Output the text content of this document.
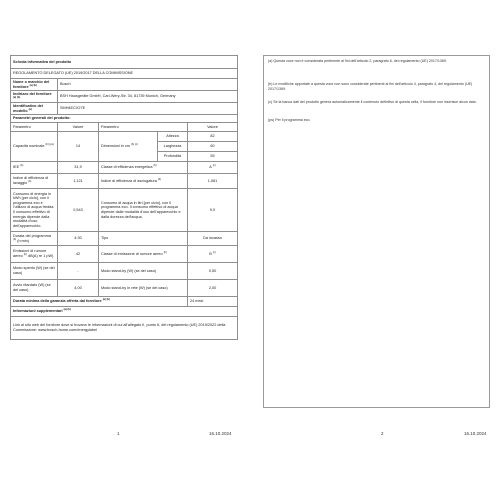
Scheda informativa del prodotto				
REGOLAMENTO DELEGATO (UE) 2019/2017 DELLA COMMISSIONE				
Nome o marchio del fornitore $^{(a) (b)}$	Bosch			
Indirizzo del fornitore $^{(a) (b)}$	BSH Hausgeräte GmbH, Carl-Wery-Str. 34, 81739 Munich, Germany			
Identificativo del modello $^{(a)}$	SMH4ECX27E			
Parametri generali del prodotto:				
Parametro	Valore	Parametro		Valore
Capacità nominale $^{(b) (ps)}$	14	Dimensioni in cm $^{(b) (c)}$	Altezza	82
			Larghezza	60
			Profondità	55
IEE $^{(b)}$	31,9	Classe di efficienza energetica $^{(b)}$		A $^{(c)}$
Indice di efficienza di lavaggio $^{(b)}$	1,121	Indice di efficienza di asciugatura $^{(b)}$		1,081
Consumo di energia in kWh [per ciclo], con il programma eco e l'utilizzo di acqua fredda. Il consumo effettivo di energia dipende dalla modalità d'uso dell'apparecchio.	0,543	Consumo di acqua in litri [per ciclo], con il programma eco. Il consumo effettivo di acqua dipende dalle modalità d'uso dell'apparecchio e dalla durezza dell'acqua.		9,0
Durata del programma $^{(b)}$ (h:min)	4:30	Tipo		Da incasso
Emissioni di rumore aereo $^{(b)}$ dB(A) re 1 pW)	42	Classe di emissione di rumore aereo $^{(b)}$		B $^{(c)}$
Modo spento (W) (se del caso)	-	Modo stand-by (W) (se del caso)		0,50
Avvio ritardato (W) (se del caso)	4,00	Modo stand-by in rete (W) (se del caso)		2,00
Durata minima della garanzia offerta dal fornitore $^{(a) (b)}$				24 mesi
Informazioni supplementari $^{(a) (b)}$
Link al sito web del fornitore dove si trovano le informazioni di cui all'allegato II, punto 6, del regolamento (UE) 2019/2022 della Commissione: www.bosch-home.com/energylabel				
(a) Questa voce non è considerata pertinente ai fini dell'articolo 2, paragrafo 6, del regolamento (UE) 2017/1369.
(b) Le modifiche apportate a questa voce non sono considerate pertinenti ai fini dell'articolo 4, paragrafo 4, del regolamento (UE) 2017/1369.
(c) Se la banca dati del prodotto genera automaticamente il contenuto definitivo di questa cella, il fornitore non inserisce alcun dato.
(ps) Per il programma eco.
1	16.10.2024	2	16.10.2024
